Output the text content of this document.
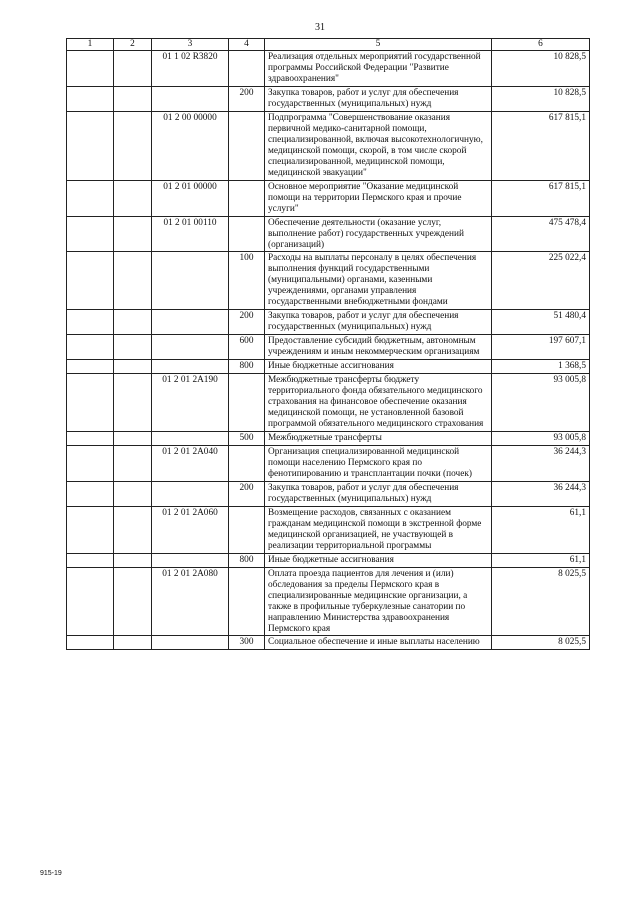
31
1	2	3	4	5	6
		01 1 02 R3820		Реализация отдельных мероприятий государственной программы Российской Федерации "Развитие здравоохранения"	10 828,5
			200	Закупка товаров, работ и услуг для обеспечения государственных (муниципальных) нужд	10 828,5
		01 2 00 00000		Подпрограмма "Совершенствование оказания первичной медико-санитарной помощи, специализированной, включая высокотехнологичную, медицинской помощи, скорой, в том числе скорой специализированной, медицинской помощи, медицинской эвакуации"	617 815,1
		01 2 01 00000		Основное мероприятие "Оказание медицинской помощи на территории Пермского края и прочие услуги"	617 815,1
		01 2 01 00110		Обеспечение деятельности (оказание услуг, выполнение работ) государственных учреждений (организаций)	475 478,4
			100	Расходы на выплаты персоналу в целях обеспечения выполнения функций государственными (муниципальными) органами, казенными учреждениями, органами управления государственными внебюджетными фондами	225 022,4
			200	Закупка товаров, работ и услуг для обеспечения государственных (муниципальных) нужд	51 480,4
			600	Предоставление субсидий бюджетным, автономным учреждениям и иным некоммерческим организациям	197 607,1
			800	Иные бюджетные ассигнования	1 368,5
		01 2 01 2А190		Межбюджетные трансферты бюджету территориального фонда обязательного медицинского страхования на финансовое обеспечение оказания медицинской помощи, не установленной базовой программой обязательного медицинского страхования	93 005,8
			500	Межбюджетные трансферты	93 005,8
		01 2 01 2А040		Организация специализированной медицинской помощи населению Пермского края по фенотипированию и трансплантации почки (почек)	36 244,3
			200	Закупка товаров, работ и услуг для обеспечения государственных (муниципальных) нужд	36 244,3
		01 2 01 2А060		Возмещение расходов, связанных с оказанием гражданам медицинской помощи в экстренной форме медицинской организацией, не участвующей в реализации территориальной программы	61,1
			800	Иные бюджетные ассигнования	61,1
		01 2 01 2А080		Оплата проезда пациентов для лечения и (или) обследования за пределы Пермского края в специализированные медицинские организации, а также в профильные туберкулезные санатории по направлению Министерства здравоохранения Пермского края	8 025,5
			300	Социальное обеспечение и иные выплаты населению	8 025,5
915-19
